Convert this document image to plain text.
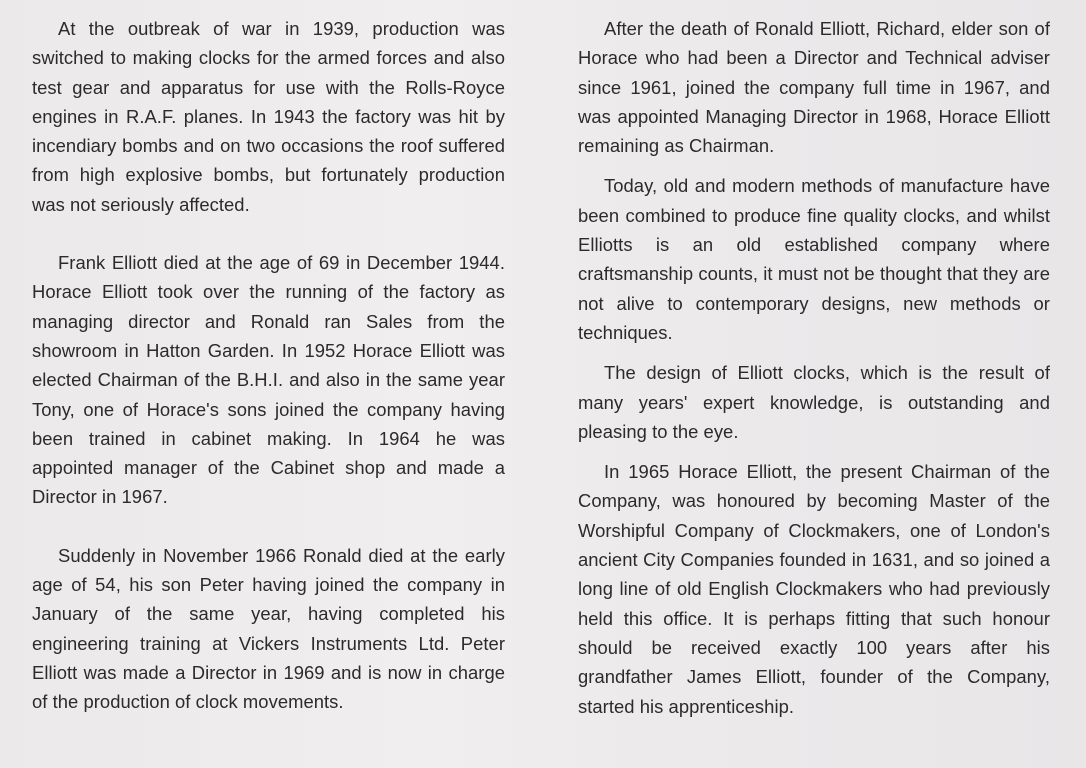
At the outbreak of war in 1939, production was switched to making clocks for the armed forces and also test gear and apparatus for use with the Rolls-Royce engines in R.A.F. planes. In 1943 the factory was hit by incendiary bombs and on two occasions the roof suffered from high explosive bombs, but fortunately production was not seriously affected.

Frank Elliott died at the age of 69 in December 1944. Horace Elliott took over the running of the factory as managing director and Ronald ran Sales from the showroom in Hatton Garden. In 1952 Horace Elliott was elected Chairman of the B.H.I. and also in the same year Tony, one of Horace's sons joined the company having been trained in cabinet making. In 1964 he was appointed manager of the Cabinet shop and made a Director in 1967.

Suddenly in November 1966 Ronald died at the early age of 54, his son Peter having joined the company in January of the same year, having completed his engineering training at Vickers Instruments Ltd. Peter Elliott was made a Director in 1969 and is now in charge of the production of clock movements.

After the death of Ronald Elliott, Richard, elder son of Horace who had been a Director and Technical adviser since 1961, joined the company full time in 1967, and was appointed Managing Director in 1968, Horace Elliott remaining as Chairman.

Today, old and modern methods of manufacture have been combined to produce fine quality clocks, and whilst Elliotts is an old established company where craftsmanship counts, it must not be thought that they are not alive to contemporary designs, new methods or techniques.

The design of Elliott clocks, which is the result of many years' expert knowledge, is outstanding and pleasing to the eye.

In 1965 Horace Elliott, the present Chairman of the Company, was honoured by becoming Master of the Worshipful Company of Clockmakers, one of London's ancient City Companies founded in 1631, and so joined a long line of old English Clockmakers who had previously held this office. It is perhaps fitting that such honour should be received exactly 100 years after his grandfather James Elliott, founder of the Company, started his apprenticeship.
